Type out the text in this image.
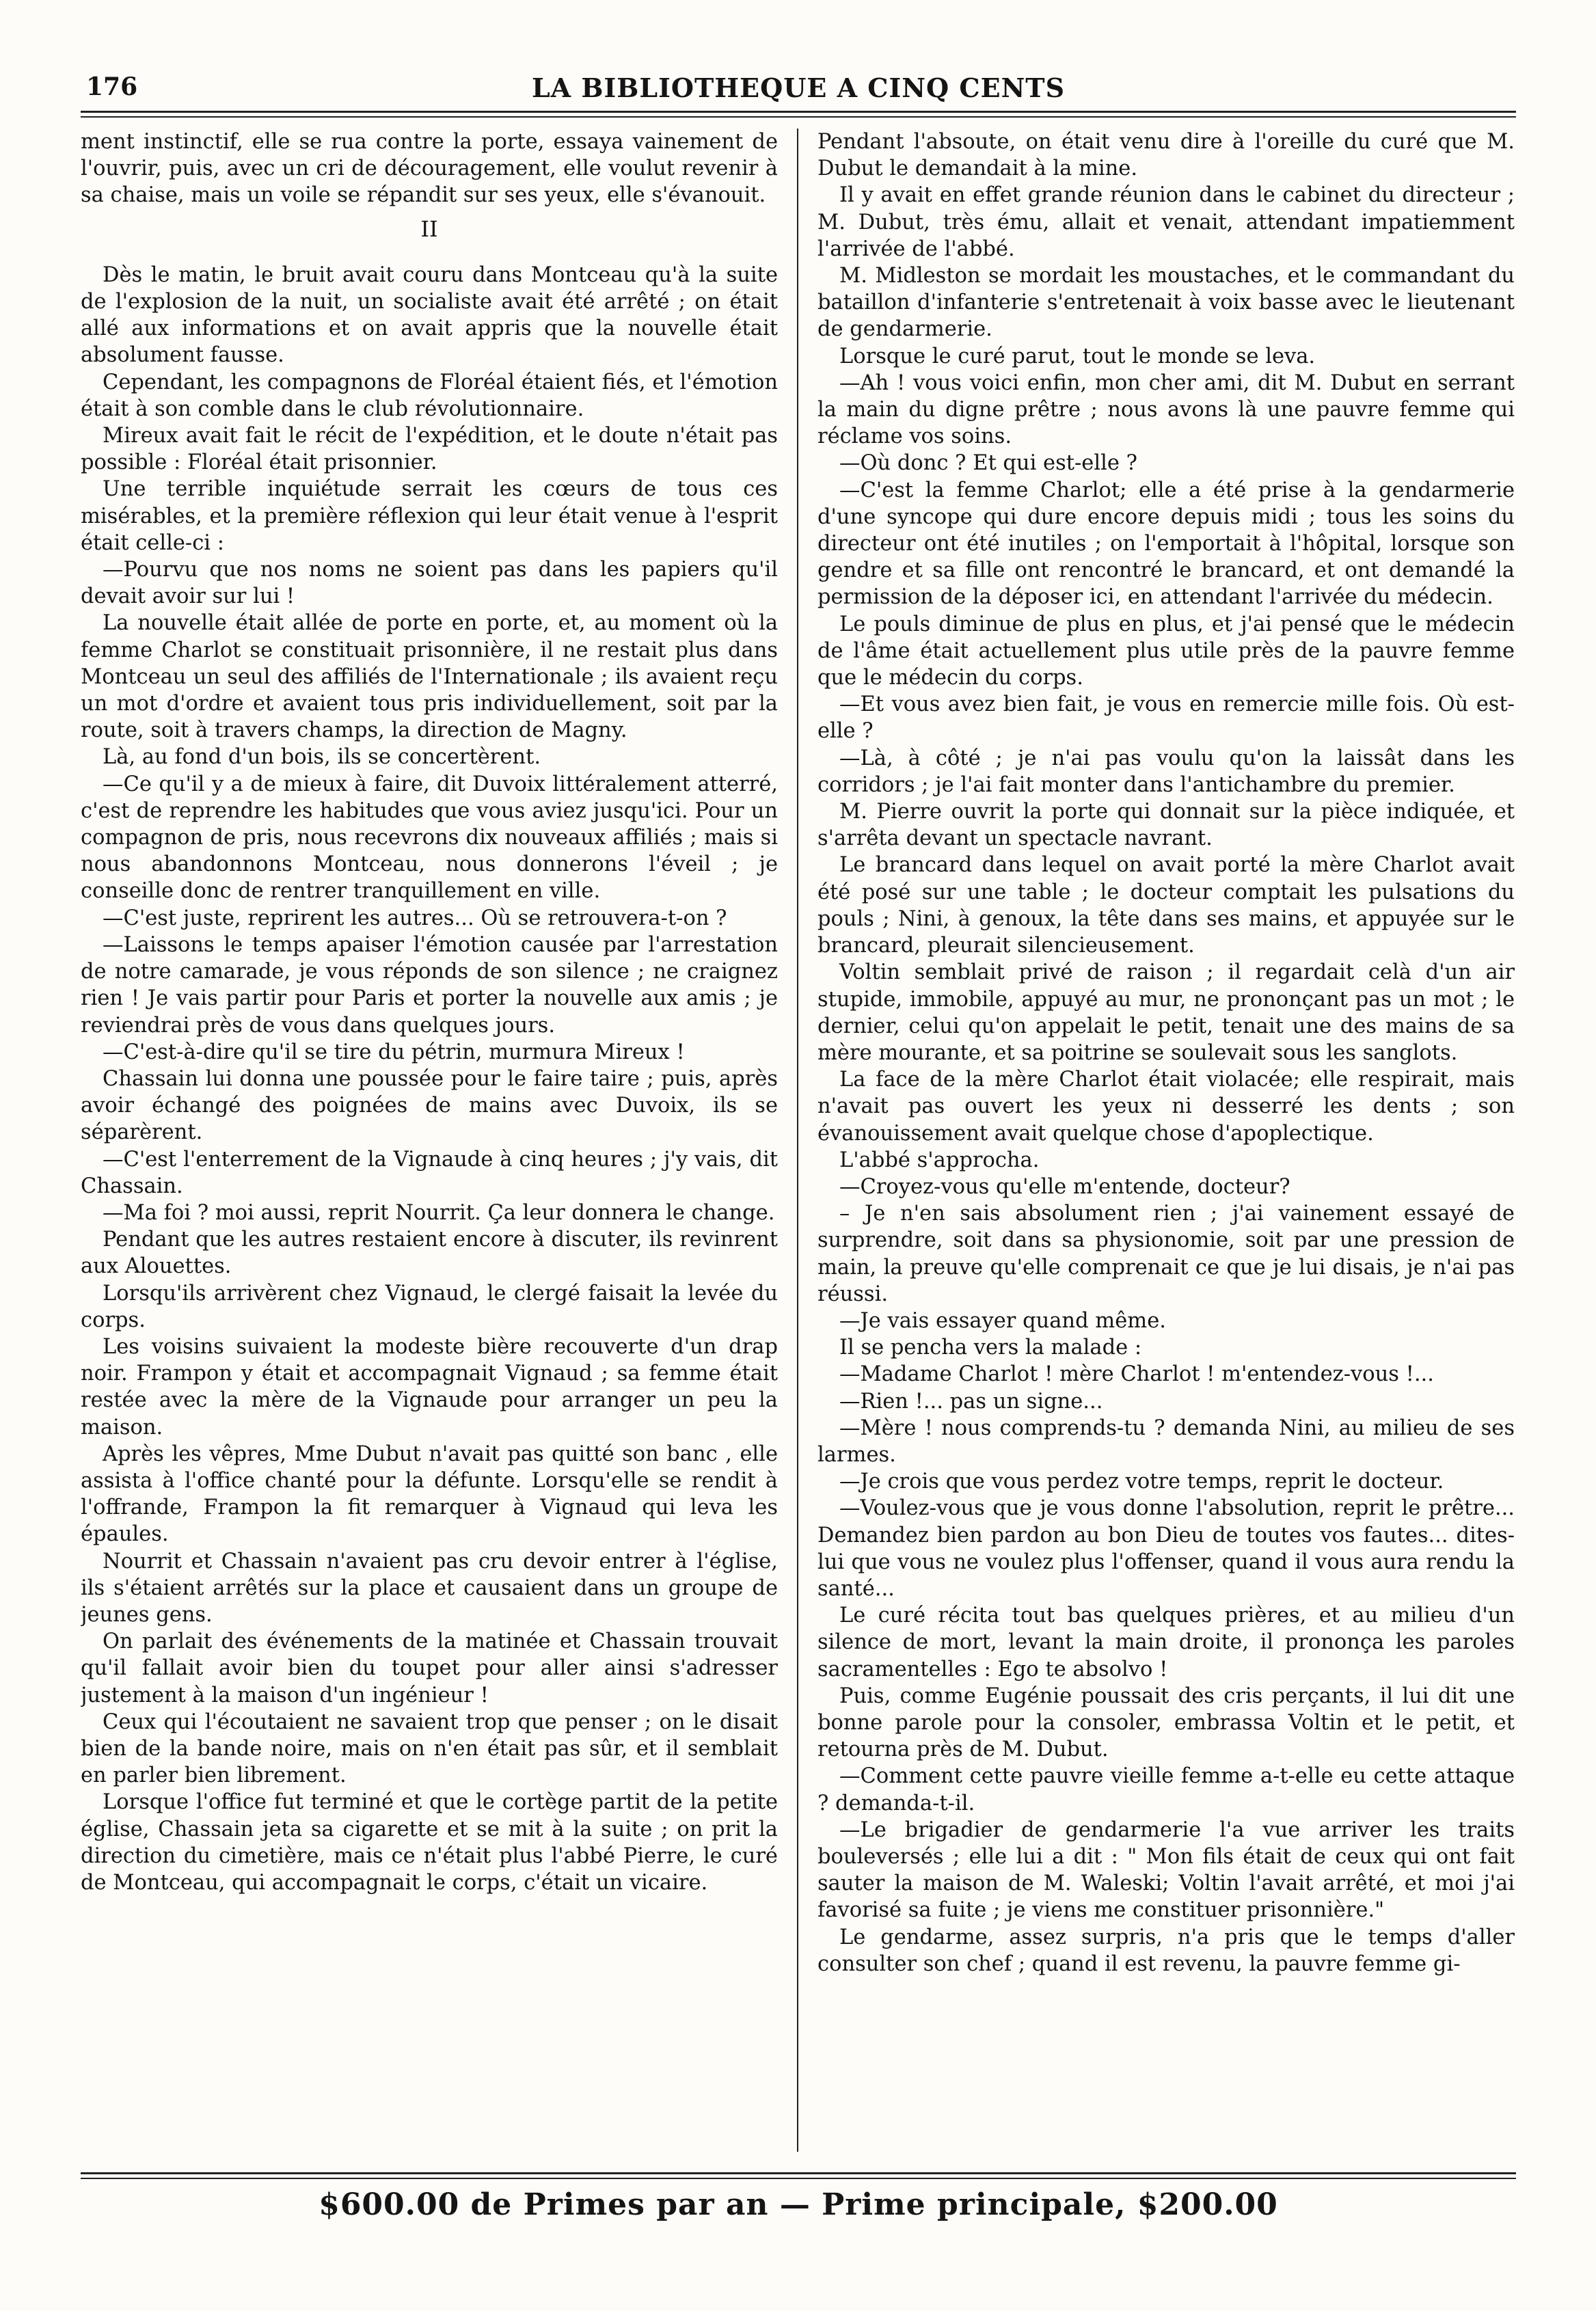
176	LA BIBLIOTHEQUE A CINQ CENTS

ment instinctif, elle se rua contre la porte, essaya vainement de l'ouvrir, puis, avec un cri de découragement, elle voulut revenir à sa chaise, mais un voile se répandit sur ses yeux, elle s'évanouit.

II

Dès le matin, le bruit avait couru dans Montceau qu'à la suite de l'explosion de la nuit, un socialiste avait été arrêté ; on était allé aux informations et on avait appris que la nouvelle était absolument fausse.

Cependant, les compagnons de Floréal étaient fiés, et l'émotion était à son comble dans le club révolutionnaire.

Mireux avait fait le récit de l'expédition, et le doute n'était pas possible : Floréal était prisonnier.

Une terrible inquiétude serrait les cœurs de tous ces misérables, et la première réflexion qui leur était venue à l'esprit était celle-ci :

—Pourvu que nos noms ne soient pas dans les papiers qu'il devait avoir sur lui !

La nouvelle était allée de porte en porte, et, au moment où la femme Charlot se constituait prisonnière, il ne restait plus dans Montceau un seul des affiliés de l'Internationale ; ils avaient reçu un mot d'ordre et avaient tous pris individuellement, soit par la route, soit à travers champs, la direction de Magny.

Là, au fond d'un bois, ils se concertèrent.

—Ce qu'il y a de mieux à faire, dit Duvoix littéralement atterré, c'est de reprendre les habitudes que vous aviez jusqu'ici. Pour un compagnon de pris, nous recevrons dix nouveaux affiliés ; mais si nous abandonnons Montceau, nous donnerons l'éveil ; je conseille donc de rentrer tranquillement en ville.

—C'est juste, reprirent les autres... Où se retrouvera-t-on ?

—Laissons le temps apaiser l'émotion causée par l'arrestation de notre camarade, je vous réponds de son silence ; ne craignez rien ! Je vais partir pour Paris et porter la nouvelle aux amis ; je reviendrai près de vous dans quelques jours.

—C'est-à-dire qu'il se tire du pétrin, murmura Mireux !

Chassain lui donna une poussée pour le faire taire ; puis, après avoir échangé des poignées de mains avec Duvoix, ils se séparèrent.

—C'est l'enterrement de la Vignaude à cinq heures ; j'y vais, dit Chassain.

—Ma foi ? moi aussi, reprit Nourrit. Ça leur donnera le change.

Pendant que les autres restaient encore à discuter, ils revinrent aux Alouettes.

Lorsqu'ils arrivèrent chez Vignaud, le clergé faisait la levée du corps.

Les voisins suivaient la modeste bière recouverte d'un drap noir. Frampon y était et accompagnait Vignaud ; sa femme était restée avec la mère de la Vignaude pour arranger un peu la maison.

Après les vêpres, Mme Dubut n'avait pas quitté son banc , elle assista à l'office chanté pour la défunte. Lorsqu'elle se rendit à l'offrande, Frampon la fit remarquer à Vignaud qui leva les épaules.

Nourrit et Chassain n'avaient pas cru devoir entrer à l'église, ils s'étaient arrêtés sur la place et causaient dans un groupe de jeunes gens.

On parlait des événements de la matinée et Chassain trouvait qu'il fallait avoir bien du toupet pour aller ainsi s'adresser justement à la maison d'un ingénieur !

Ceux qui l'écoutaient ne savaient trop que penser ; on le disait bien de la bande noire, mais on n'en était pas sûr, et il semblait en parler bien librement.

Lorsque l'office fut terminé et que le cortège partit de la petite église, Chassain jeta sa cigarette et se mit à la suite ; on prit la direction du cimetière, mais ce n'était plus l'abbé Pierre, le curé de Montceau, qui accompagnait le corps, c'était un vicaire.

Pendant l'absoute, on était venu dire à l'oreille du curé que M. Dubut le demandait à la mine.

Il y avait en effet grande réunion dans le cabinet du directeur ; M. Dubut, très ému, allait et venait, attendant impatiemment l'arrivée de l'abbé.

M. Midleston se mordait les moustaches, et le commandant du bataillon d'infanterie s'entretenait à voix basse avec le lieutenant de gendarmerie.

Lorsque le curé parut, tout le monde se leva.

—Ah ! vous voici enfin, mon cher ami, dit M. Dubut en serrant la main du digne prêtre ; nous avons là une pauvre femme qui réclame vos soins.

—Où donc ? Et qui est-elle ?

—C'est la femme Charlot; elle a été prise à la gendarmerie d'une syncope qui dure encore depuis midi ; tous les soins du directeur ont été inutiles ; on l'emportait à l'hôpital, lorsque son gendre et sa fille ont rencontré le brancard, et ont demandé la permission de la déposer ici, en attendant l'arrivée du médecin.

Le pouls diminue de plus en plus, et j'ai pensé que le médecin de l'âme était actuellement plus utile près de la pauvre femme que le médecin du corps.

—Et vous avez bien fait, je vous en remercie mille fois. Où est-elle ?

—Là, à côté ; je n'ai pas voulu qu'on la laissât dans les corridors ; je l'ai fait monter dans l'antichambre du premier.

M. Pierre ouvrit la porte qui donnait sur la pièce indiquée, et s'arrêta devant un spectacle navrant.

Le brancard dans lequel on avait porté la mère Charlot avait été posé sur une table ; le docteur comptait les pulsations du pouls ; Nini, à genoux, la tête dans ses mains, et appuyée sur le brancard, pleurait silencieusement.

Voltin semblait privé de raison ; il regardait celà d'un air stupide, immobile, appuyé au mur, ne prononçant pas un mot ; le dernier, celui qu'on appelait le petit, tenait une des mains de sa mère mourante, et sa poitrine se soulevait sous les sanglots.

La face de la mère Charlot était violacée; elle respirait, mais n'avait pas ouvert les yeux ni desserré les dents ; son évanouissement avait quelque chose d'apoplectique.

L'abbé s'approcha.

—Croyez-vous qu'elle m'entende, docteur?

– Je n'en sais absolument rien ; j'ai vainement essayé de surprendre, soit dans sa physionomie, soit par une pression de main, la preuve qu'elle comprenait ce que je lui disais, je n'ai pas réussi.

—Je vais essayer quand même.

Il se pencha vers la malade :

—Madame Charlot ! mère Charlot ! m'entendez-vous !...

—Rien !... pas un signe...

—Mère ! nous comprends-tu ? demanda Nini, au milieu de ses larmes.

—Je crois que vous perdez votre temps, reprit le docteur.

—Voulez-vous que je vous donne l'absolution, reprit le prêtre... Demandez bien pardon au bon Dieu de toutes vos fautes... dites-lui que vous ne voulez plus l'offenser, quand il vous aura rendu la santé...

Le curé récita tout bas quelques prières, et au milieu d'un silence de mort, levant la main droite, il prononça les paroles sacramentelles : Ego te absolvo !

Puis, comme Eugénie poussait des cris perçants, il lui dit une bonne parole pour la consoler, embrassa Voltin et le petit, et retourna près de M. Dubut.

—Comment cette pauvre vieille femme a-t-elle eu cette attaque ? demanda-t-il.

—Le brigadier de gendarmerie l'a vue arriver les traits bouleversés ; elle lui a dit : " Mon fils était de ceux qui ont fait sauter la maison de M. Waleski; Voltin l'avait arrêté, et moi j'ai favorisé sa fuite ; je viens me constituer prisonnière."

Le gendarme, assez surpris, n'a pris que le temps d'aller consulter son chef ; quand il est revenu, la pauvre femme gi-

$600.00 de Primes par an — Prime principale, $200.00
